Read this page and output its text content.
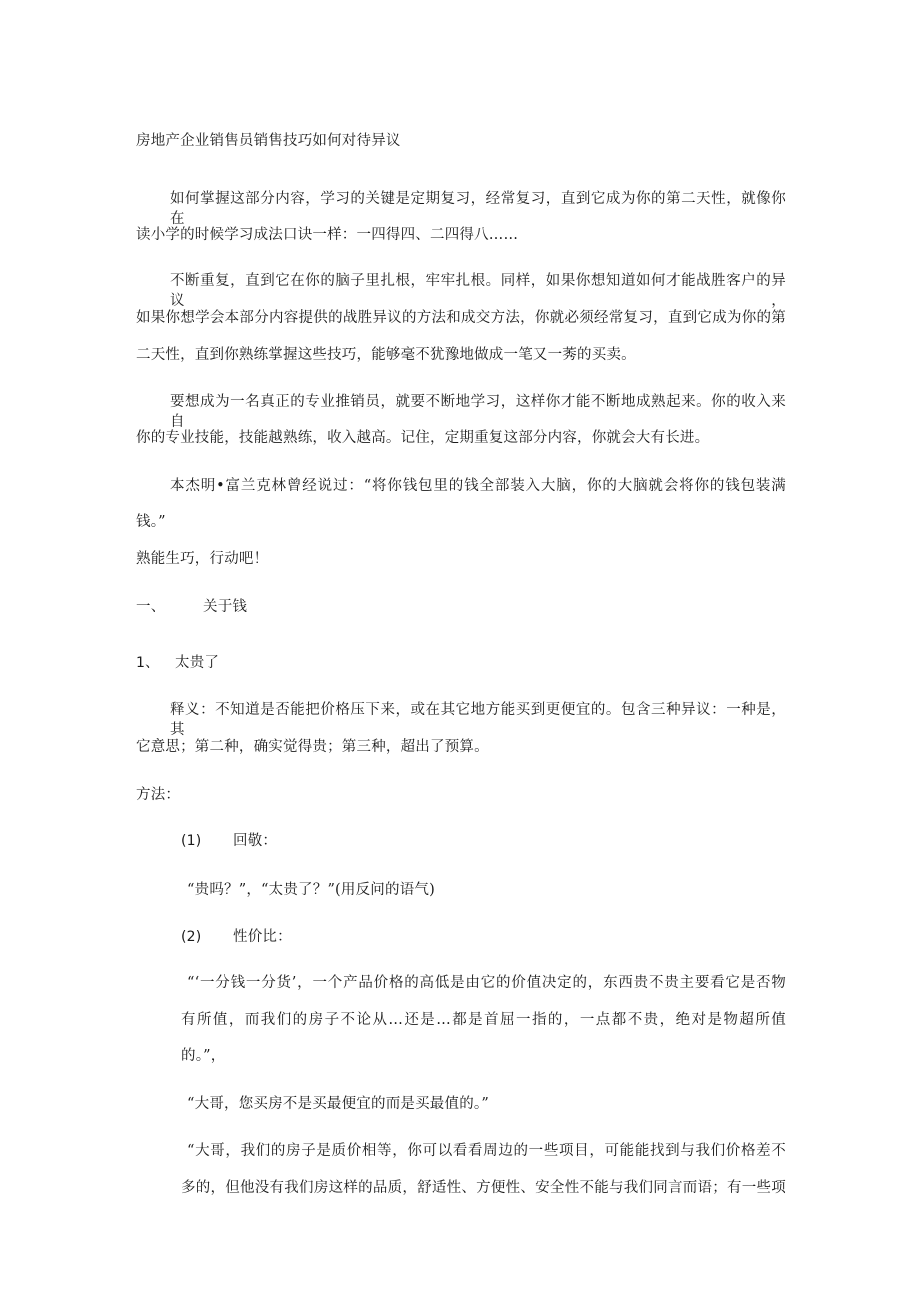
房地产企业销售员销售技巧如何对待异议
如何掌握这部分内容，学习的关键是定期复习，经常复习，直到它成为你的第二天性，就像你在
读小学的时候学习成法口诀一样：一四得四、二四得八……
不断重复，直到它在你的脑子里扎根，牢牢扎根。同样，如果你想知道如何才能战胜客户的异议，
如果你想学会本部分内容提供的战胜异议的方法和成交方法，你就必须经常复习，直到它成为你的第
二天性，直到你熟练掌握这些技巧，能够毫不犹豫地做成一笔又一莠的买卖。
要想成为一名真正的专业推销员，就要不断地学习，这样你才能不断地成熟起来。你的收入来自
你的专业技能，技能越熟练，收入越高。记住，定期重复这部分内容，你就会大有长进。
本杰明•富兰克林曾经说过：“将你钱包里的钱全部装入大脑，你的大脑就会将你的钱包装满
钱。”
熟能生巧，行动吧！
一、	关于钱
1、 太贵了
释义：不知道是否能把价格压下来，或在其它地方能买到更便宜的。包含三种异议：一种是，其
它意思；第二种，确实觉得贵；第三种，超出了预算。
方法：
(1) 回敬：
“贵吗？”，“太贵了？”(用反问的语气)
(2) 性价比：
“‘一分钱一分货’，一个产品价格的高低是由它的价值决定的，东西贵不贵主要看它是否物
有所值，而我们的房子不论从…还是…都是首屈一指的，一点都不贵，绝对是物超所值
的。”，
“大哥，您买房不是买最便宜的而是买最值的。”
“大哥，我们的房子是质价相等，你可以看看周边的一些项目，可能能找到与我们价格差不
多的，但他没有我们房这样的品质，舒适性、方便性、安全性不能与我们同言而语；有一些项
